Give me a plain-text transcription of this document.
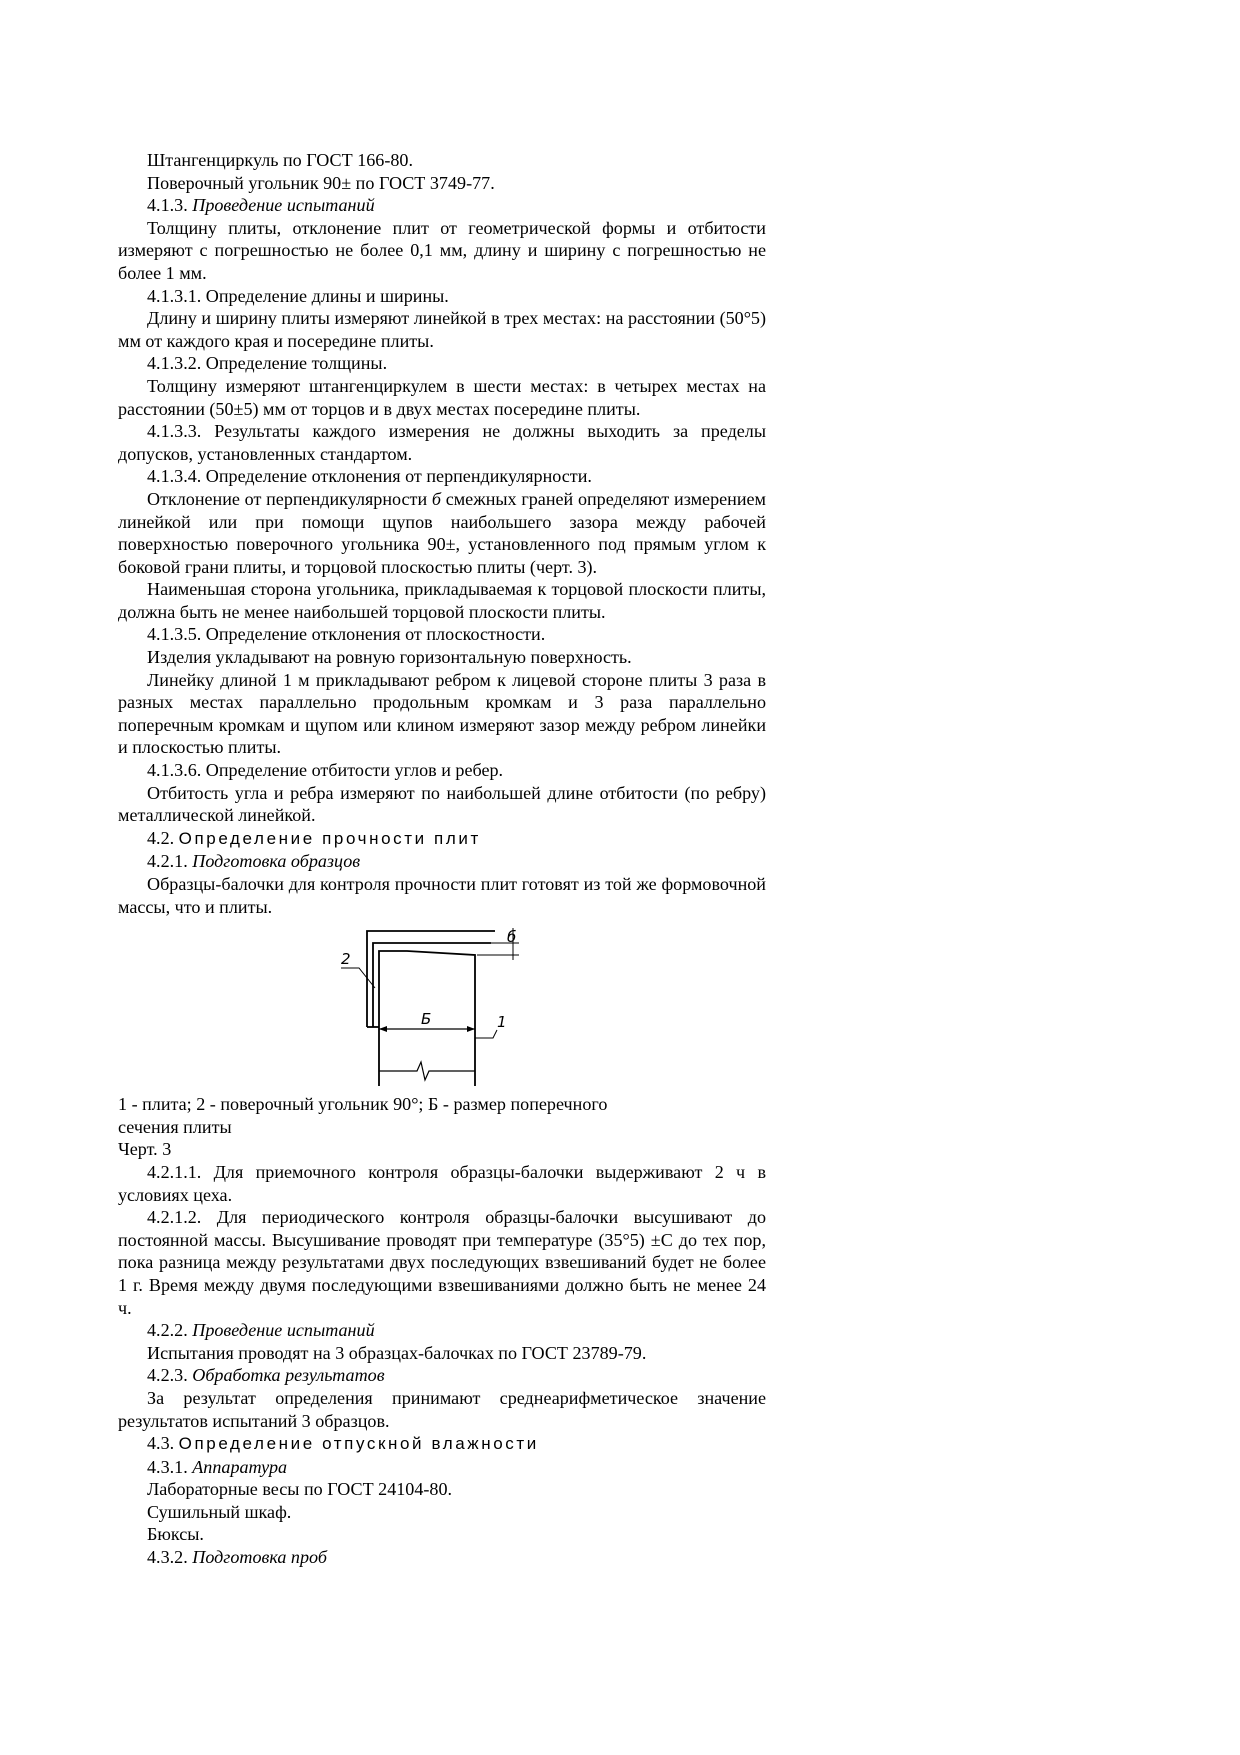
Штангенциркуль по ГОСТ 166-80.

Поверочный угольник 90± по ГОСТ 3749-77.

4.1.3. Проведение испытаний

Толщину плиты, отклонение плит от геометрической формы и отбитости измеряют с погрешностью не более 0,1 мм, длину и ширину с погрешностью не более 1 мм.

4.1.3.1. Определение длины и ширины.

Длину и ширину плиты измеряют линейкой в трех местах: на расстоянии (50°5) мм от каждого края и посередине плиты.

4.1.3.2. Определение толщины.

Толщину измеряют штангенциркулем в шести местах: в четырех местах на расстоянии (50±5) мм от торцов и в двух местах посередине плиты.

4.1.3.3. Результаты каждого измерения не должны выходить за пределы допусков, установленных стандартом.

4.1.3.4. Определение отклонения от перпендикулярности.

Отклонение от перпендикулярности б смежных граней определяют измерением линейкой или при помощи щупов наибольшего зазора между рабочей поверхностью поверочного угольника 90±, установленного под прямым углом к боковой грани плиты, и торцовой плоскостью плиты (черт. 3).

Наименьшая сторона угольника, прикладываемая к торцовой плоскости плиты, должна быть не менее наибольшей торцовой плоскости плиты.

4.1.3.5. Определение отклонения от плоскостности.

Изделия укладывают на ровную горизонтальную поверхность.

Линейку длиной 1 м прикладывают ребром к лицевой стороне плиты 3 раза в разных местах параллельно продольным кромкам и 3 раза параллельно поперечным кромкам и щупом или клином измеряют зазор между ребром линейки и плоскостью плиты.

4.1.3.6. Определение отбитости углов и ребер.

Отбитость угла и ребра измеряют по наибольшей длине отбитости (по ребру) металлической линейкой.

4.2. Определение прочности плит

4.2.1. Подготовка образцов

Образцы-балочки для контроля прочности плит готовят из той же формовочной массы, что и плиты.

б
Б
2
1

1 - плита; 2 - поверочный угольник 90°; Б - размер поперечного

сечения плиты

Черт. 3

4.2.1.1. Для приемочного контроля образцы-балочки выдерживают 2 ч в условиях цеха.

4.2.1.2. Для периодического контроля образцы-балочки высушивают до постоянной массы. Высушивание проводят при температуре (35°5) ±С до тех пор, пока разница между результатами двух последующих взвешиваний будет не более 1 г. Время между двумя последующими взвешиваниями должно быть не менее 24 ч.

4.2.2. Проведение испытаний

Испытания проводят на 3 образцах-балочках по ГОСТ 23789-79.

4.2.3. Обработка результатов

За результат определения принимают среднеарифметическое значение результатов испытаний 3 образцов.

4.3. Определение отпускной влажности

4.3.1. Аппаратура

Лабораторные весы по ГОСТ 24104-80.

Сушильный шкаф.

Бюксы.

4.3.2. Подготовка проб
